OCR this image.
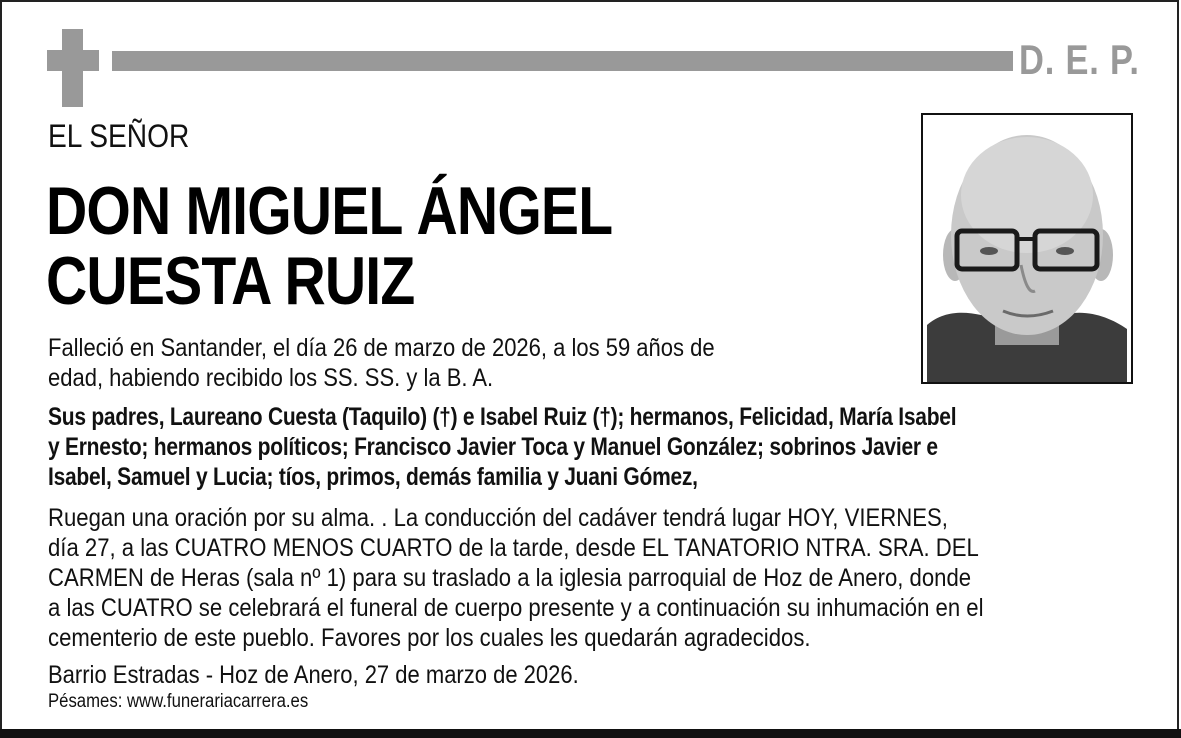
D. E. P.
EL SEÑOR
DON MIGUEL ÁNGEL
CUESTA RUIZ
Falleció en Santander, el día 26 de marzo de 2026, a los 59 años de
edad, habiendo recibido los SS. SS. y la B. A.
Sus padres, Laureano Cuesta (Taquilo) (†) e Isabel Ruiz (†); hermanos, Felicidad, María Isabel
y Ernesto; hermanos políticos; Francisco Javier Toca y Manuel González; sobrinos Javier e
Isabel, Samuel y Lucia; tíos, primos, demás familia y Juani Gómez,
Ruegan una oración por su alma. . La conducción del cadáver tendrá lugar HOY, VIERNES,
día 27, a las CUATRO MENOS CUARTO de la tarde, desde EL TANATORIO NTRA. SRA. DEL
CARMEN de Heras (sala nº 1) para su traslado a la iglesia parroquial de Hoz de Anero, donde
a las CUATRO se celebrará el funeral de cuerpo presente y a continuación su inhumación en el
cementerio de este pueblo. Favores por los cuales les quedarán agradecidos.
Barrio Estradas - Hoz de Anero, 27 de marzo de 2026.
Pésames: www.funerariacarrera.es
